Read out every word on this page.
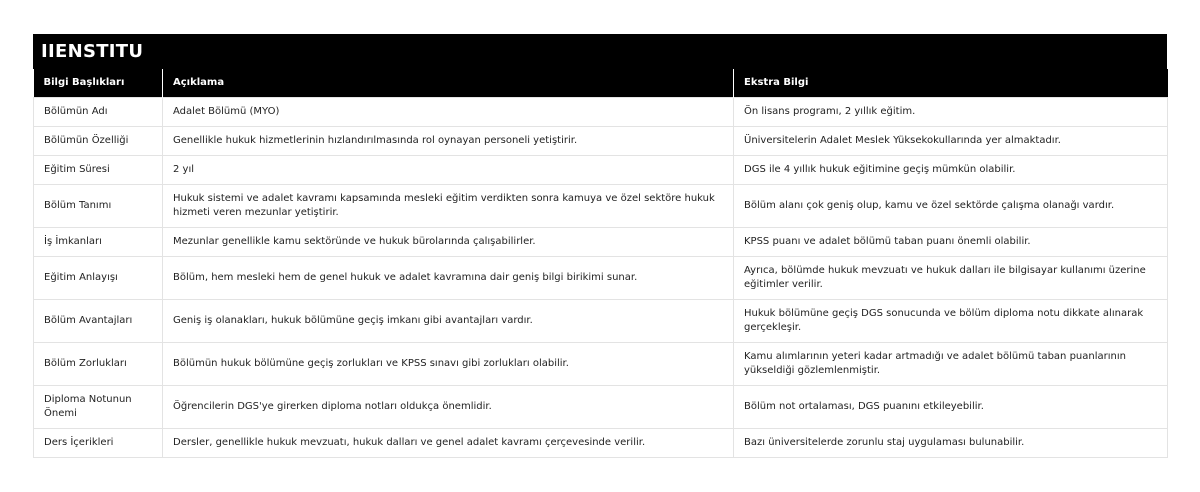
IIENSTITU
Bilgi Başlıkları	Açıklama	Ekstra Bilgi
Bölümün Adı	Adalet Bölümü (MYO)	Ön lisans programı, 2 yıllık eğitim.
Bölümün Özelliği	Genellikle hukuk hizmetlerinin hızlandırılmasında rol oynayan personeli yetiştirir.	Üniversitelerin Adalet Meslek Yüksekokullarında yer almaktadır.
Eğitim Süresi	2 yıl	DGS ile 4 yıllık hukuk eğitimine geçiş mümkün olabilir.
Bölüm Tanımı	Hukuk sistemi ve adalet kavramı kapsamında mesleki eğitim verdikten sonra kamuya ve özel sektöre hukuk hizmeti veren mezunlar yetiştirir.	Bölüm alanı çok geniş olup, kamu ve özel sektörde çalışma olanağı vardır.
İş İmkanları	Mezunlar genellikle kamu sektöründe ve hukuk bürolarında çalışabilirler.	KPSS puanı ve adalet bölümü taban puanı önemli olabilir.
Eğitim Anlayışı	Bölüm, hem mesleki hem de genel hukuk ve adalet kavramına dair geniş bilgi birikimi sunar.	Ayrıca, bölümde hukuk mevzuatı ve hukuk dalları ile bilgisayar kullanımı üzerine eğitimler verilir.
Bölüm Avantajları	Geniş iş olanakları, hukuk bölümüne geçiş imkanı gibi avantajları vardır.	Hukuk bölümüne geçiş DGS sonucunda ve bölüm diploma notu dikkate alınarak gerçekleşir.
Bölüm Zorlukları	Bölümün hukuk bölümüne geçiş zorlukları ve KPSS sınavı gibi zorlukları olabilir.	Kamu alımlarının yeteri kadar artmadığı ve adalet bölümü taban puanlarının yükseldiği gözlemlenmiştir.
Diploma Notunun Önemi	Öğrencilerin DGS'ye girerken diploma notları oldukça önemlidir.	Bölüm not ortalaması, DGS puanını etkileyebilir.
Ders İçerikleri	Dersler, genellikle hukuk mevzuatı, hukuk dalları ve genel adalet kavramı çerçevesinde verilir.	Bazı üniversitelerde zorunlu staj uygulaması bulunabilir.
